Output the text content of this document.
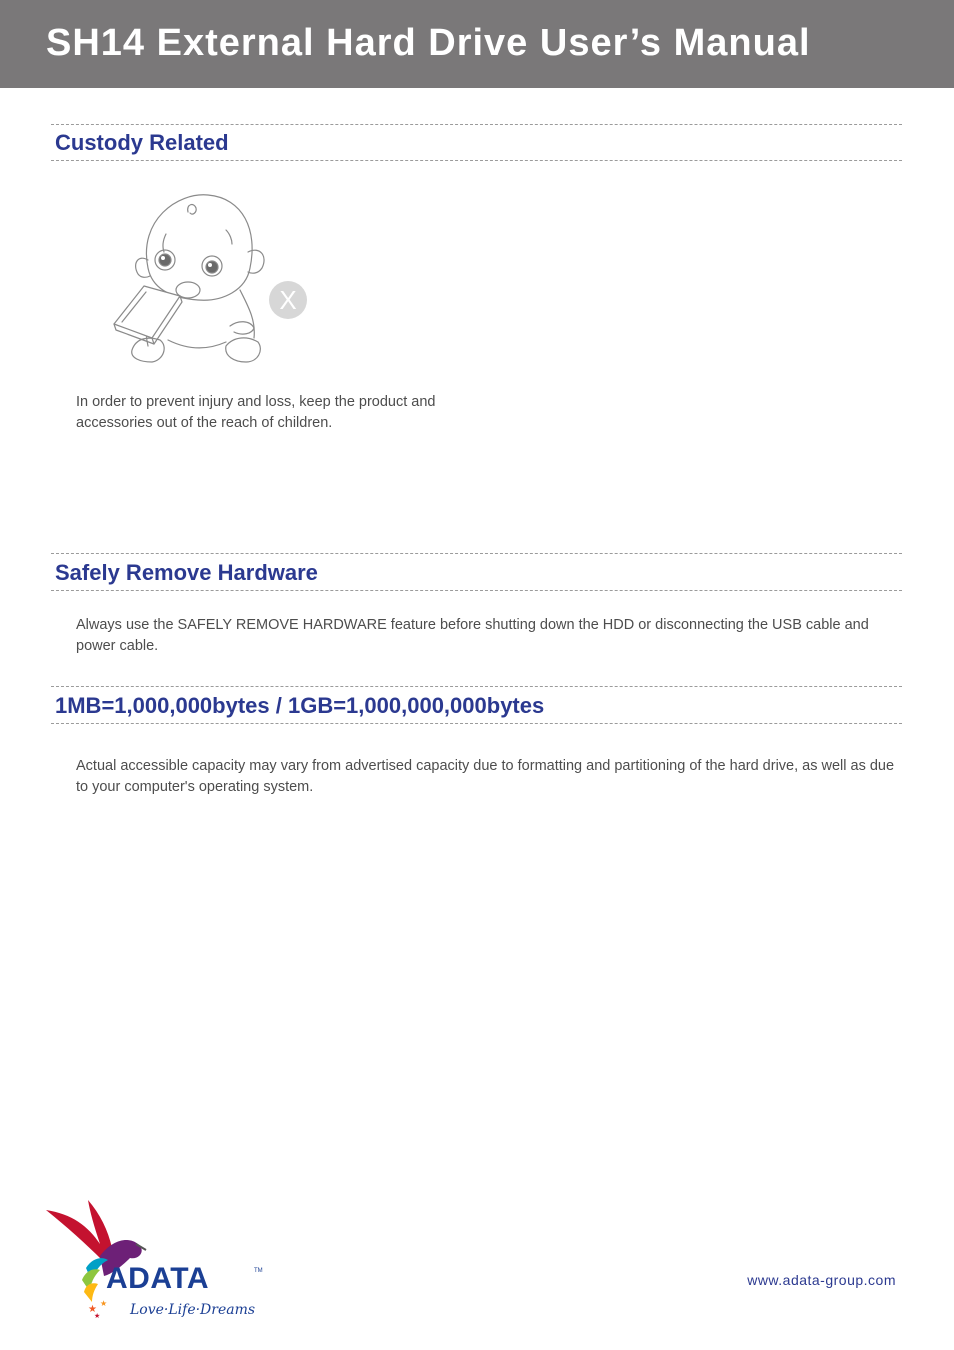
SH14 External Hard Drive User’s Manual
Custody Related
X

In order to prevent injury and loss, keep the product and accessories out of the reach of children.

Safely Remove Hardware

Always use the SAFELY REMOVE HARDWARE feature before shutting down the HDD or disconnecting the USB cable and power cable.

1MB=1,000,000bytes / 1GB=1,000,000,000bytes

Actual accessible capacity may vary from advertised capacity due to formatting and partitioning of the hard drive, as well as due to your computer's operating system.

★
★
★
ADATA	TM
Love·Life·Dreams
www.adata-group.com
